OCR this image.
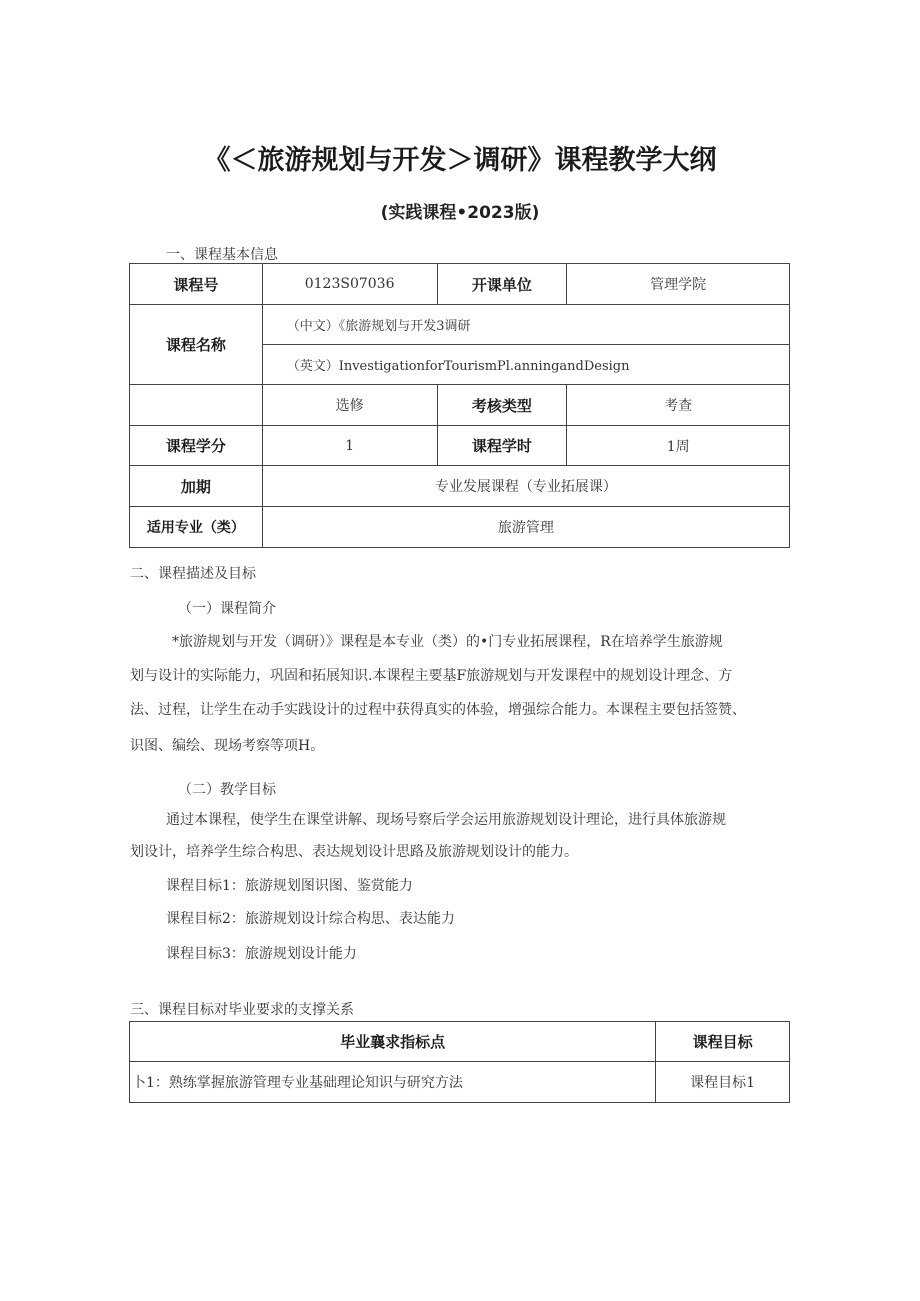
《＜旅游规划与开发＞调研》课程教学大纲
(实践课程•2023版)
一、课程基本信息
课程号	0123S07036	开课单位	管理学院
课程名称	（中文）《旅游规划与开发3调研		
	（英文）InvestigationforTourismPl.anningandDesign		
	选修	考核类型	考查
课程学分	1	课程学时	1周
加期	专业发展课程（专业拓展课）		
适用专业（类）	旅游管理		
二、课程描述及目标
（一）课程简介
*旅游规划与开发（调研）》课程是本专业（类）的•门专业拓展课程，R在培养学生旅游规
划与设计的实际能力，巩固和拓展知识.本课程主要基F旅游规划与开发课程中的规划设计理念、方
法、过程，让学生在动手实践设计的过程中获得真实的体验，增强综合能力。本课程主要包括签赞、
识图、编绘、现场考察等项H。
（二）教学目标
通过本课程，使学生在课堂讲解、现场号察后学会运用旅游规划设计理论，进行具体旅游规
划设计，培养学生综合构思、表达规划设计思路及旅游规划设计的能力。
课程目标1：旅游规划图识图、鉴赏能力
课程目标2：旅游规划设计综合构思、表达能力
课程目标3：旅游规划设计能力
三、课程目标对毕业要求的支撑关系
毕业襄求指标点	课程目标
卜1：熟练掌握旅游管理专业基础理论知识与研究方法	课程目标1
